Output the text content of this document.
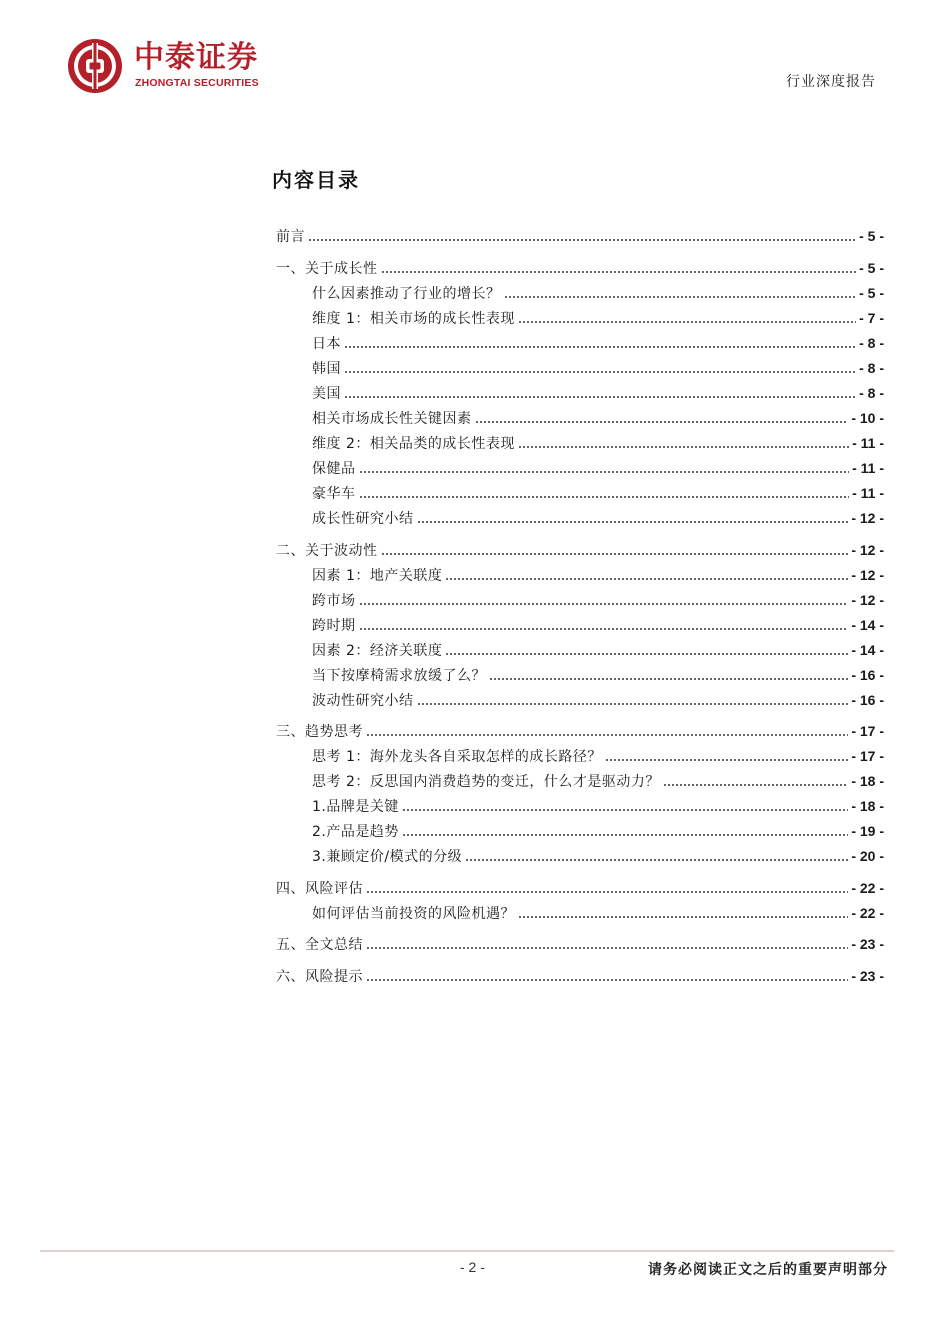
中泰证券
ZHONGTAI SECURITIES	行业深度报告
内容目录
前言	- 5 -
一、关于成长性	- 5 -
什么因素推动了行业的增长？	- 5 -
维度 1：相关市场的成长性表现	- 7 -
日本	- 8 -
韩国	- 8 -
美国	- 8 -
相关市场成长性关键因素	- 10 -
维度 2：相关品类的成长性表现	- 11 -
保健品	- 11 -
豪华车	- 11 -
成长性研究小结	- 12 -
二、关于波动性	- 12 -
因素 1：地产关联度	- 12 -
跨市场	- 12 -
跨时期	- 14 -
因素 2：经济关联度	- 14 -
当下按摩椅需求放缓了么？	- 16 -
波动性研究小结	- 16 -
三、趋势思考	- 17 -
思考 1：海外龙头各自采取怎样的成长路径？	- 17 -
思考 2：反思国内消费趋势的变迁，什么才是驱动力？	- 18 -
1.品牌是关键	- 18 -
2.产品是趋势	- 19 -
3.兼顾定价/模式的分级	- 20 -
四、风险评估	- 22 -
如何评估当前投资的风险机遇？	- 22 -
五、全文总结	- 23 -
六、风险提示	- 23 -
- 2 -	请务必阅读正文之后的重要声明部分
